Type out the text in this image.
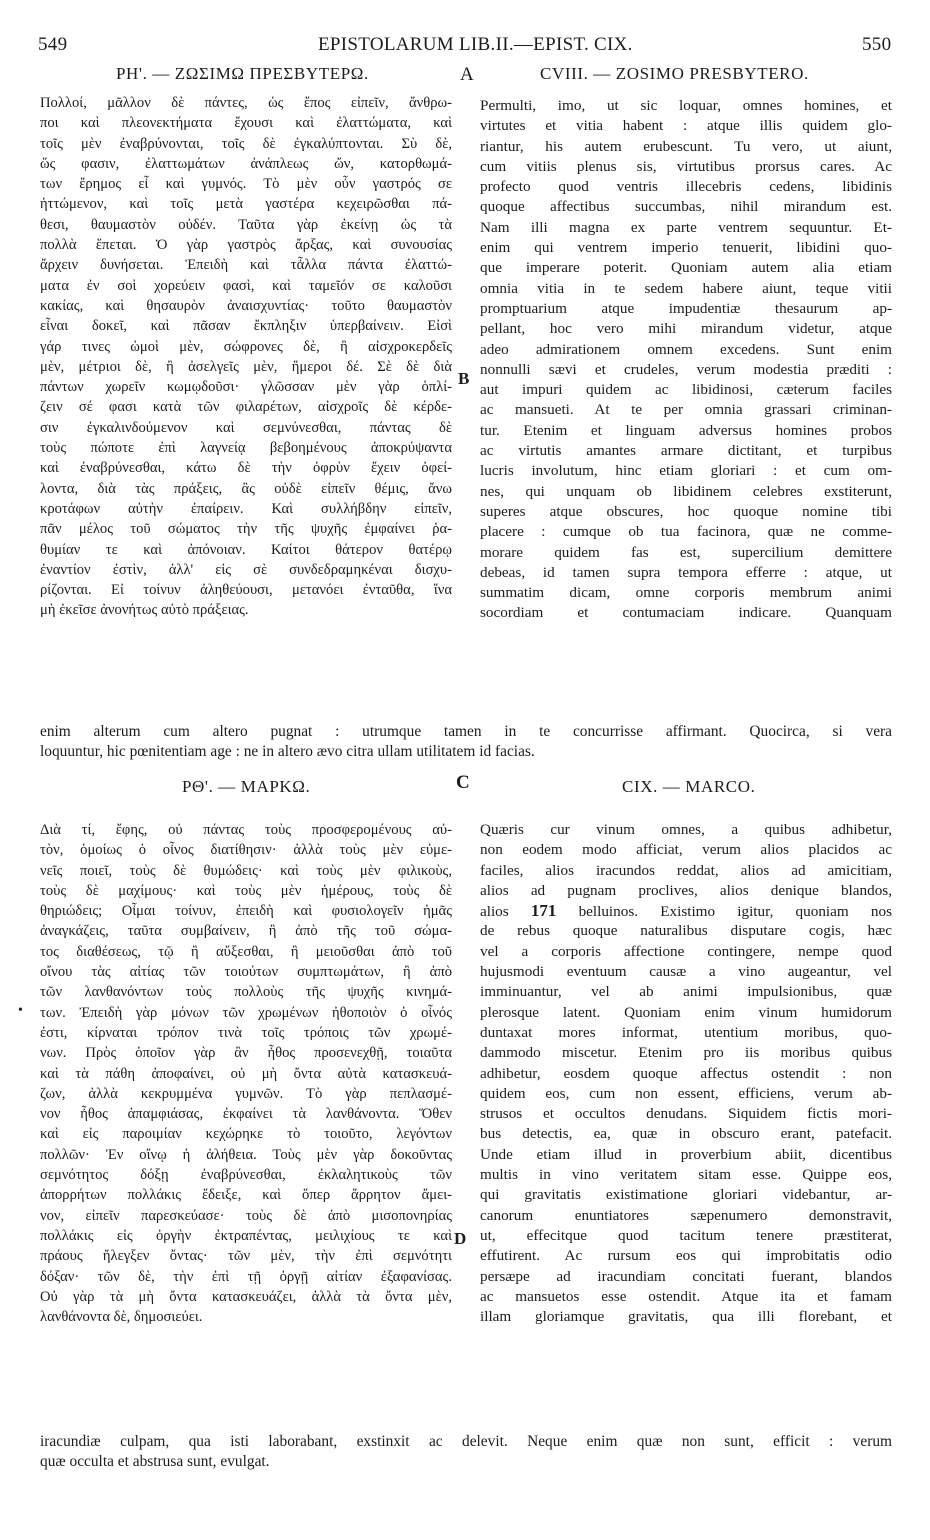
549	EPISTOLARUM LIB.II.—EPIST. CIX.	550
ΡΗ'. — ΖΩΣΙΜΩ ΠΡΕΣΒΥΤΕΡΩ.	A	CVIII. — ZOSIMO PRESBYTERO.
Πολλοί, μᾶλλον δὲ πάντες, ὡς ἔπος εἰπεῖν, ἄνθρω-
ποι καὶ πλεονεκτήματα ἔχουσι καὶ ἐλαττώματα, καὶ
τοῖς μὲν ἐναβρύνονται, τοῖς δὲ ἐγκαλύπτονται. Σὺ δὲ,
ὥς φασιν, ἐλαττωμάτων ἀνάπλεως ὤν, κατορθωμά-
των ἔρημος εἶ καὶ γυμνός. Τὸ μὲν οὖν γαστρός σε
ἡττώμενον, καὶ τοῖς μετὰ γαστέρα κεχειρῶσθαι πά-
θεσι, θαυμαστὸν οὐδέν. Ταῦτα γὰρ ἐκείνῃ ὡς τὰ
πολλὰ ἕπεται. Ὁ γὰρ γαστρὸς ἄρξας, καὶ συνουσίας
ἄρχειν δυνήσεται. Ἐπειδὴ καὶ τἆλλα πάντα ἐλαττώ-
ματα ἐν σοὶ χορεύειν φασὶ, καὶ ταμεῖόν σε καλοῦσι
κακίας, καὶ θησαυρὸν ἀναισχυντίας· τοῦτο θαυμαστὸν
εἶναι δοκεῖ, καὶ πᾶσαν ἔκπληξιν ὑπερβαίνειν. Εἰσὶ
γάρ τινες ὠμοὶ μὲν, σώφρονες δὲ, ἢ αἰσχροκερδεῖς
μὲν, μέτριοι δὲ, ἢ ἀσελγεῖς μὲν, ἥμεροι δέ. Σὲ δὲ διὰ
πάντων χωρεῖν κωμῳδοῦσι· γλῶσσαν μὲν γὰρ ὁπλί-
ζειν σέ φασι κατὰ τῶν φιλαρέτων, αἰσχροῖς δὲ κέρδε-
σιν ἐγκαλινδούμενον καὶ σεμνύνεσθαι, πάντας δὲ
τοὺς πώποτε ἐπὶ λαγνείᾳ βεβοημένους ἀποκρύψαντα
καὶ ἐναβρύνεσθαι, κάτω δὲ τὴν ὀφρὺν ἔχειν ὀφεί-
λοντα, διὰ τὰς πράξεις, ἃς οὐδὲ εἰπεῖν θέμις, ἄνω
κροτάφων αὐτὴν ἐπαίρειν. Καὶ συλλήβδην εἰπεῖν,
πᾶν μέλος τοῦ σώματος τὴν τῆς ψυχῆς ἐμφαίνει ῥα-
θυμίαν τε καὶ ἀπόνοιαν. Καίτοι θάτερον θατέρῳ
ἐναντίον ἐστὶν, ἀλλ' εἰς σὲ συνδεδραμηκέναι δισχυ-
ρίζονται. Εἰ τοίνυν ἀληθεύουσι, μετανόει ἐνταῦθα, ἵνα
μὴ ἐκεῖσε ἀνονήτως αὐτὸ πράξειας.
Permulti, imo, ut sic loquar, omnes homines, et
virtutes et vitia habent : atque illis quidem glo-
riantur, his autem erubescunt. Tu vero, ut aiunt,
cum vitiis plenus sis, virtutibus prorsus cares. Ac
profecto quod ventris illecebris cedens, libidinis
quoque affectibus succumbas, nihil mirandum est.
Nam illi magna ex parte ventrem sequuntur. Et-
enim qui ventrem imperio tenuerit, libidini quo-
que imperare poterit. Quoniam autem alia etiam
omnia vitia in te sedem habere aiunt, teque vitii
promptuarium atque impudentiæ thesaurum ap-
pellant, hoc vero mihi mirandum videtur, atque
adeo admirationem omnem excedens. Sunt enim
nonnulli sævi et crudeles, verum modestia præditi :
aut impuri quidem ac libidinosi, cæterum faciles
ac mansueti. At te per omnia grassari criminan-
tur. Etenim et linguam adversus homines probos
ac virtutis amantes armare dictitant, et turpibus
lucris involutum, hinc etiam gloriari : et cum om-
nes, qui unquam ob libidinem celebres exstiterunt,
superes atque obscures, hoc quoque nomine tibi
placere : cumque ob tua facinora, quæ ne comme-
morare quidem fas est, supercilium demittere
debeas, id tamen supra tempora efferre : atque, ut
summatim dicam, omne corporis membrum animi
socordiam et contumaciam indicare. Quanquam
B
enim alterum cum altero pugnat : utrumque tamen in te concurrisse affirmant. Quocirca, si vera
loquuntur, hic pœnitentiam age : ne in altero ævo citra ullam utilitatem id facias.
ΡΘ'. — ΜΑΡΚΩ.	C	CIX. — MARCO.
Διὰ τί, ἔφης, οὐ πάντας τοὺς προσφερομένους αὐ-
τὸν, ὁμοίως ὁ οἶνος διατίθησιν· ἀλλὰ τοὺς μὲν εὐμε-
νεῖς ποιεῖ, τοὺς δὲ θυμώδεις· καὶ τοὺς μὲν φιλικοὺς,
τοὺς δὲ μαχίμους· καὶ τοὺς μὲν ἡμέρους, τοὺς δὲ
θηριώδεις; Οἶμαι τοίνυν, ἐπειδὴ καὶ φυσιολογεῖν ἡμᾶς
ἀναγκάζεις, ταῦτα συμβαίνειν, ἢ ἀπὸ τῆς τοῦ σώμα-
τος διαθέσεως, τῷ ἢ αὔξεσθαι, ἢ μειοῦσθαι ἀπὸ τοῦ
οἴνου τὰς αἰτίας τῶν τοιούτων συμπτωμάτων, ἢ ἀπὸ
τῶν λανθανόντων τοὺς πολλοὺς τῆς ψυχῆς κινημά-
των. Ἐπειδὴ γὰρ μόνων τῶν χρωμένων ἠθοποιὸν ὁ οἶνός
ἐστι, κίρναται τρόπον τινὰ τοῖς τρόποις τῶν χρωμέ-
νων. Πρὸς ὁποῖον γὰρ ἂν ἦθος προσενεχθῇ, τοιαῦτα
καὶ τὰ πάθη ἀποφαίνει, οὐ μὴ ὄντα αὐτὰ κατασκευά-
ζων, ἀλλὰ κεκρυμμένα γυμνῶν. Τὸ γὰρ πεπλασμέ-
νον ἦθος ἀπαμφιάσας, ἐκφαίνει τὰ λανθάνοντα. Ὅθεν
καὶ εἰς παροιμίαν κεχώρηκε τὸ τοιοῦτο, λεγόντων
πολλῶν· Ἐν οἴνῳ ἡ ἀλήθεια. Τοὺς μὲν γὰρ δοκοῦντας
σεμνότητος δόξῃ ἐναβρύνεσθαι, ἐκλαλητικοὺς τῶν
ἀπορρήτων πολλάκις ἔδειξε, καὶ ὅπερ ἄρρητον ἄμει-
νον, εἰπεῖν παρεσκεύασε· τοὺς δὲ ἀπὸ μισοπονηρίας
πολλάκις εἰς ὀργὴν ἐκτραπέντας, μειλιχίους τε καὶ
πράους ἤλεγξεν ὄντας· τῶν μὲν, τὴν ἐπὶ σεμνότητι
δόξαν· τῶν δὲ, τὴν ἐπὶ τῇ ὀργῇ αἰτίαν ἐξαφανίσας.
Οὐ γὰρ τὰ μὴ ὄντα κατασκευάζει, ἀλλὰ τὰ ὄντα μὲν,
λανθάνοντα δὲ, δημοσιεύει.
•
Quæris cur vinum omnes, a quibus adhibetur,
non eodem modo afficiat, verum alios placidos ac
faciles, alios iracundos reddat, alios ad amicitiam,
alios ad pugnam proclives, alios denique blandos,
alios 171 belluinos. Existimo igitur, quoniam nos
de rebus quoque naturalibus disputare cogis, hæc
vel a corporis affectione contingere, nempe quod
hujusmodi eventuum causæ a vino augeantur, vel
imminuantur, vel ab animi impulsionibus, quæ
plerosque latent. Quoniam enim vinum humidorum
duntaxat mores informat, utentium moribus, quo-
dammodo miscetur. Etenim pro iis moribus quibus
adhibetur, eosdem quoque affectus ostendit : non
quidem eos, cum non essent, efficiens, verum ab-
strusos et occultos denudans. Siquidem fictis mori-
bus detectis, ea, quæ in obscuro erant, patefacit.
Unde etiam illud in proverbium abiit, dicentibus
multis in vino veritatem sitam esse. Quippe eos,
qui gravitatis existimatione gloriari videbantur, ar-
canorum enuntiatores sæpenumero demonstravit,
ut, effecitque quod tacitum tenere præstiterat,
effutirent. Ac rursum eos qui improbitatis odio
persæpe ad iracundiam concitati fuerant, blandos
ac mansuetos esse ostendit. Atque ita et famam
illam gloriamque gravitatis, qua illi florebant, et
D
iracundiæ culpam, qua isti laborabant, exstinxit ac delevit. Neque enim quæ non sunt, efficit : verum
quæ occulta et abstrusa sunt, evulgat.
